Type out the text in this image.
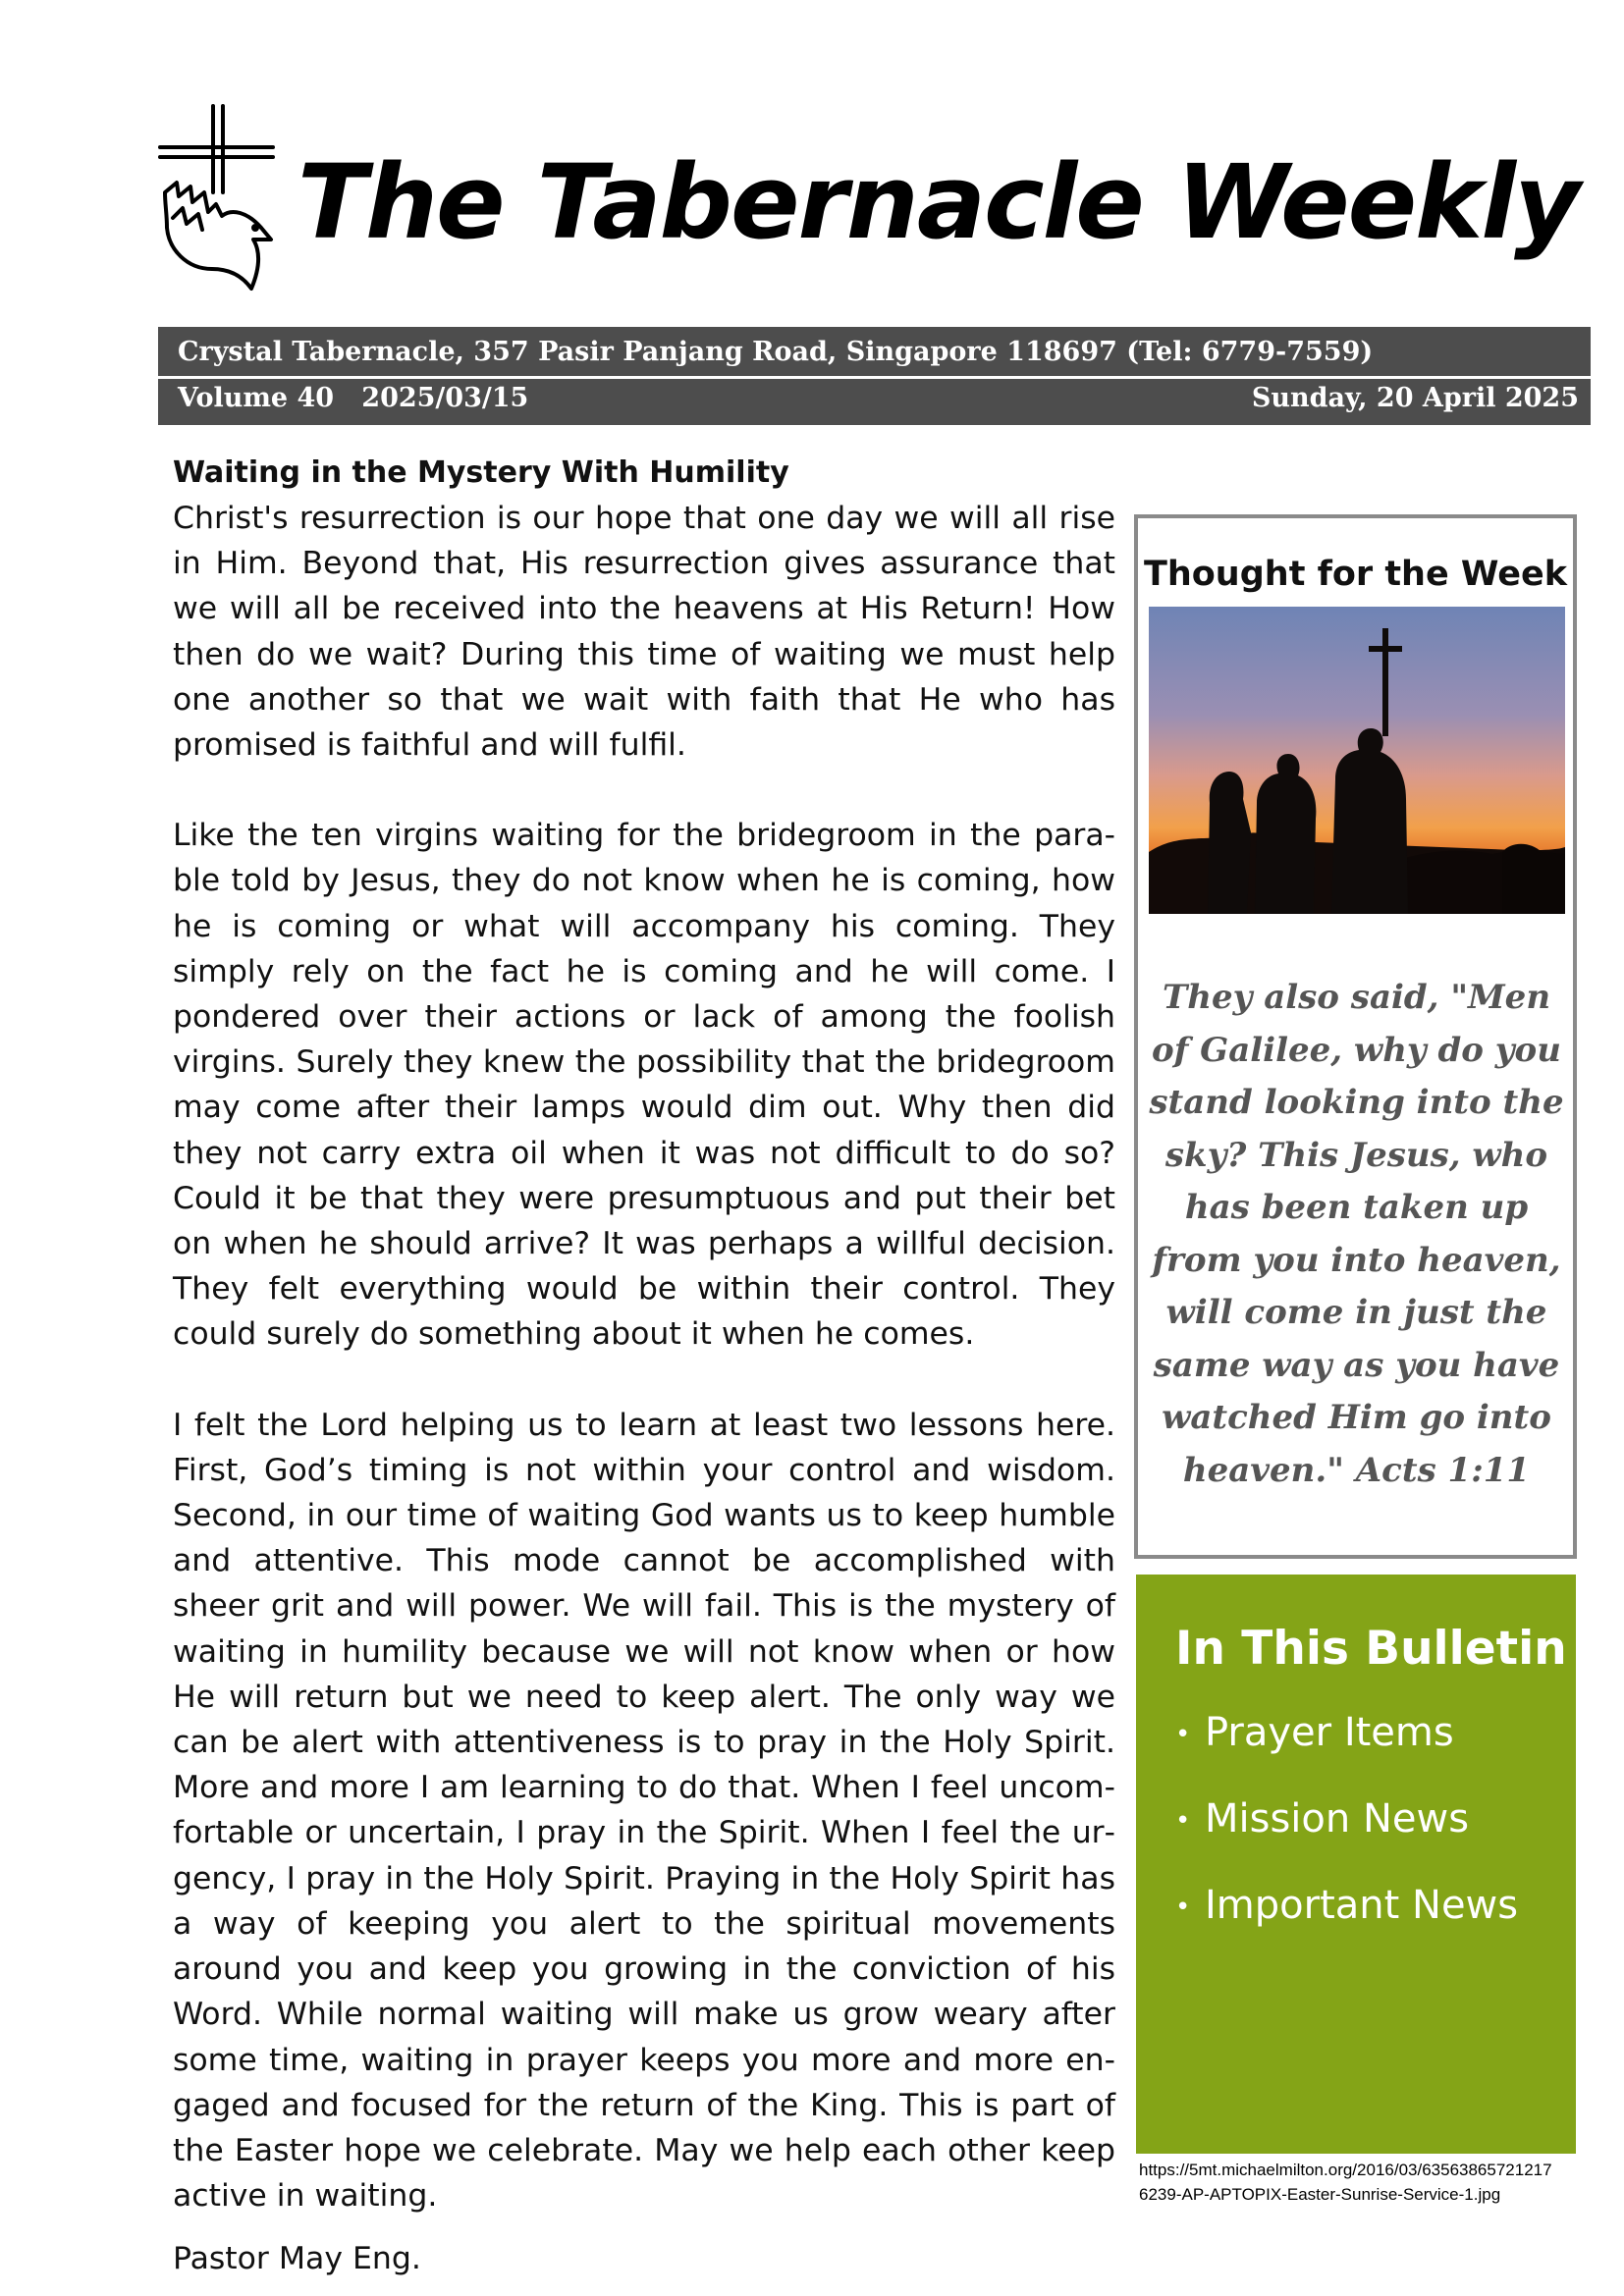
The Tabernacle Weekly
Crystal Tabernacle, 357 Pasir Panjang Road, Singapore 118697 (Tel: 6779-7559)
Volume 40   2025/03/15	Sunday, 20 April 2025
Waiting in the Mystery With Humility

Christ's resurrection is our hope that one day we will all rise in Him. Beyond that, His resurrection gives assurance that we will all be received into the heavens at His Return! How then do we wait? During this time of waiting we must help one another so that we wait with faith that He who has promised is faithful and will fulfil.

Like the ten virgins waiting for the bridegroom in the parable told by Jesus, they do not know when he is coming, how he is coming or what will accompany his coming. They simply rely on the fact he is coming and he will come. I pondered over their actions or lack of among the foolish virgins. Surely they knew the possibility that the bridegroom may come after their lamps would dim out. Why then did they not carry extra oil when it was not difficult to do so? Could it be that they were presumptuous and put their bet on when he should arrive? It was perhaps a willful decision. They felt everything would be within their control. They could surely do something about it when he comes.

I felt the Lord helping us to learn at least two lessons here. First, God’s timing is not within your control and wisdom. Second, in our time of waiting God wants us to keep humble and attentive. This mode cannot be accomplished with sheer grit and will power. We will fail. This is the mystery of waiting in humility because we will not know when or how He will return but we need to keep alert. The only way we can be alert with attentiveness is to pray in the Holy Spirit. More and more I am learning to do that. When I feel uncomfortable or uncertain, I pray in the Spirit. When I feel the urgency, I pray in the Holy Spirit. Praying in the Holy Spirit has a way of keeping you alert to the spiritual movements around you and keep you growing in the conviction of his Word. While normal waiting will make us grow weary after some time, waiting in prayer keeps you more and more engaged and focused for the return of the King. This is part of the Easter hope we celebrate. May we help each other keep active in waiting.

Pastor May Eng.
Thought for the Week
They also said, "Men of Galilee, why do you stand looking into the sky? This Jesus, who has been taken up from you into heaven, will come in just the same way as you have watched Him go into heaven." Acts 1:11
In This Bulletin
• Prayer Items
• Mission News
• Important News
https://5mt.michaelmilton.org/2016/03/635638657212176239-AP-APTOPIX-Easter-Sunrise-Service-1.jpg
